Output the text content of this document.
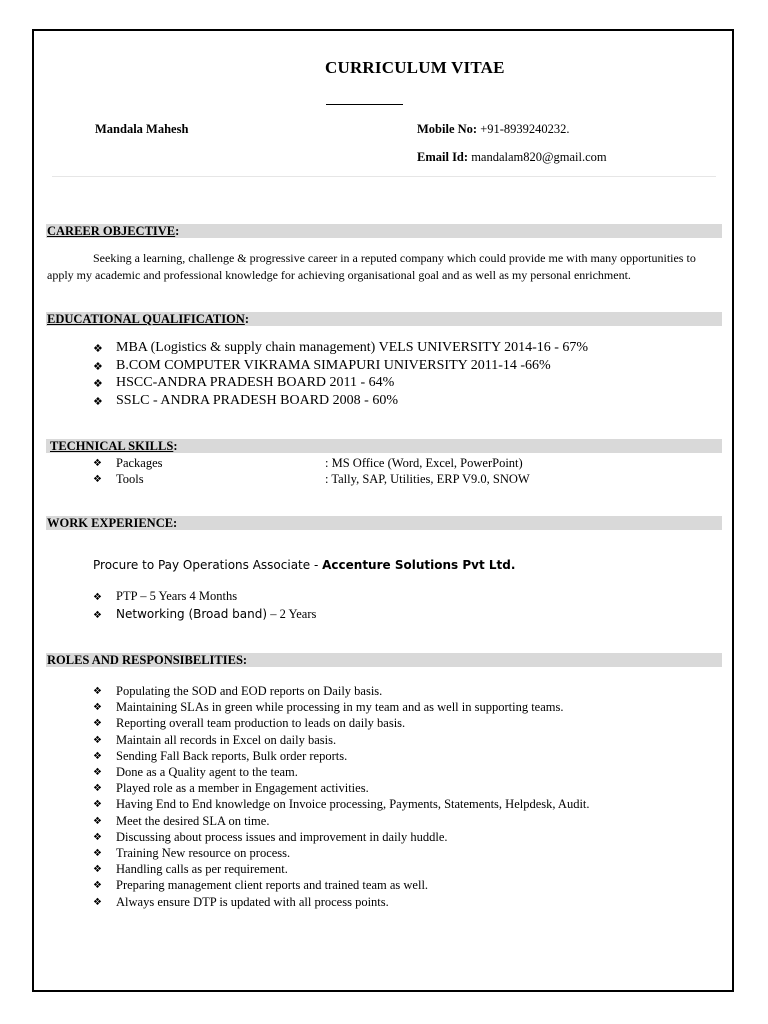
CURRICULUM VITAE
Mandala Mahesh	Mobile No: +91-8939240232.
Email Id: mandalam820@gmail.com
CAREER OBJECTIVE:
Seeking a learning, challenge & progressive career in a reputed company which could provide me with many opportunities to apply my academic and professional knowledge for achieving organisational goal and as well as my personal enrichment.
EDUCATIONAL QUALIFICATION:
❖ MBA (Logistics & supply chain management) VELS UNIVERSITY 2014-16 - 67%
❖ B.COM COMPUTER VIKRAMA SIMAPURI UNIVERSITY 2011-14 -66%
❖ HSCC-ANDRA PRADESH BOARD 2011 - 64%
❖ SSLC - ANDRA PRADESH BOARD 2008 - 60%
TECHNICAL SKILLS:
❖ Packages	: MS Office (Word, Excel, PowerPoint)
❖ Tools	: Tally, SAP, Utilities, ERP V9.0, SNOW
WORK EXPERIENCE:
Procure to Pay Operations Associate - Accenture Solutions Pvt Ltd.
❖ PTP – 5 Years 4 Months
❖ Networking (Broad band) – 2 Years
ROLES AND RESPONSIBELITIES:
❖ Populating the SOD and EOD reports on Daily basis.
❖ Maintaining SLAs in green while processing in my team and as well in supporting teams.
❖ Reporting overall team production to leads on daily basis.
❖ Maintain all records in Excel on daily basis.
❖ Sending Fall Back reports, Bulk order reports.
❖ Done as a Quality agent to the team.
❖ Played role as a member in Engagement activities.
❖ Having End to End knowledge on Invoice processing, Payments, Statements, Helpdesk, Audit.
❖ Meet the desired SLA on time.
❖ Discussing about process issues and improvement in daily huddle.
❖ Training New resource on process.
❖ Handling calls as per requirement.
❖ Preparing management client reports and trained team as well.
❖ Always ensure DTP is updated with all process points.
